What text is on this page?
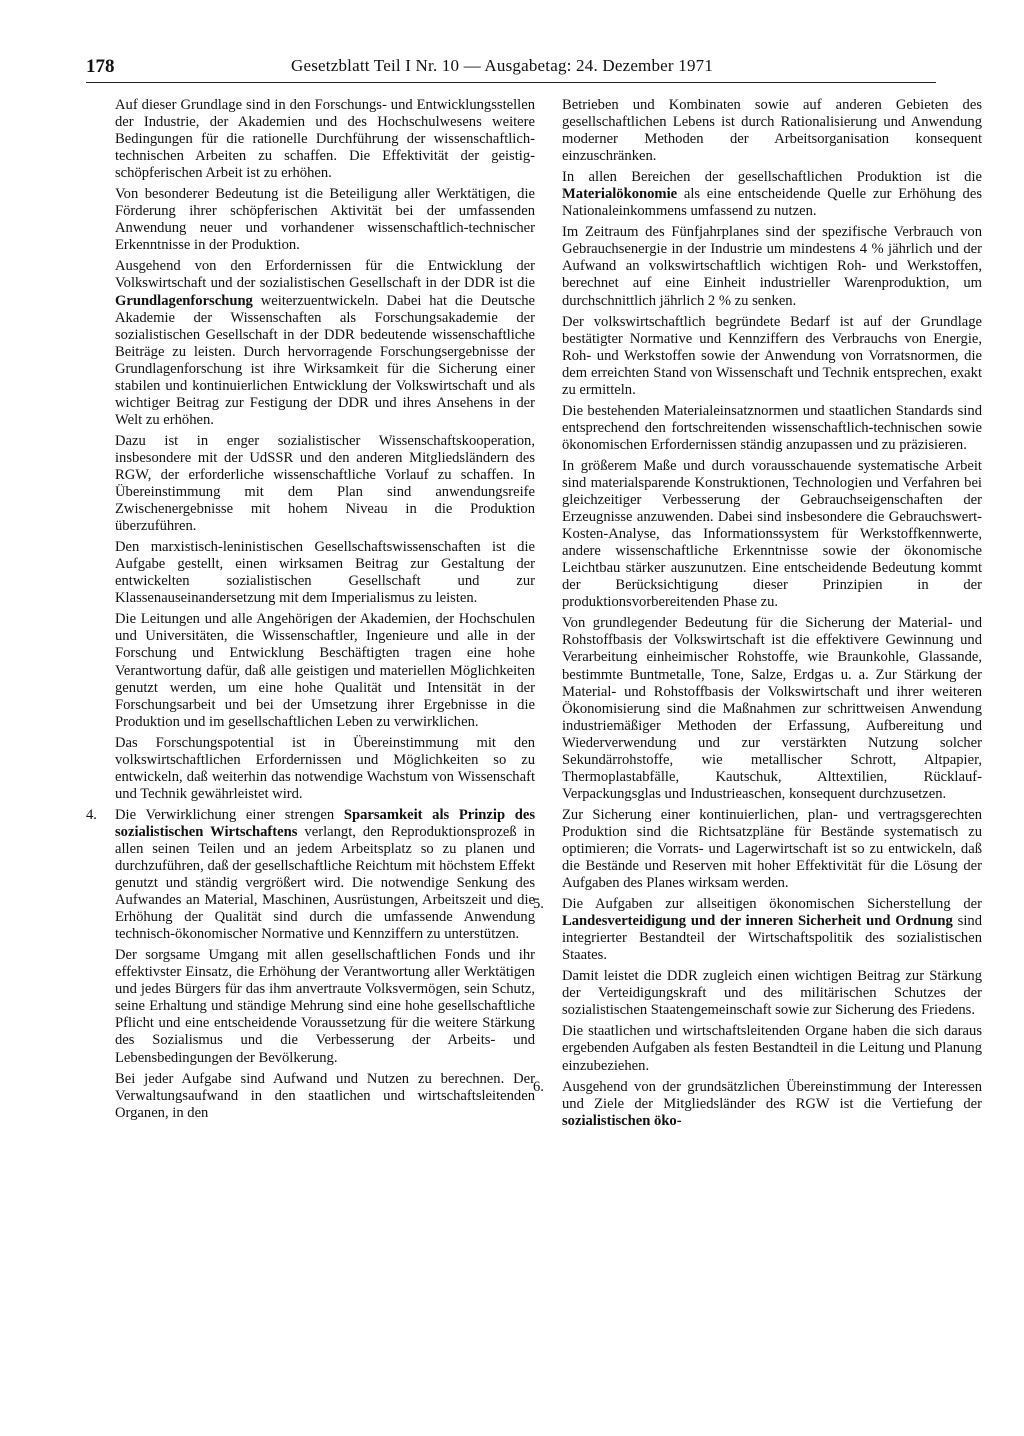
178	Gesetzblatt Teil I Nr. 10 — Ausgabetag: 24. Dezember 1971

Auf dieser Grundlage sind in den Forschungs- und Entwicklungsstellen der Industrie, der Akademien und des Hochschulwesens weitere Bedingungen für die rationelle Durchführung der wissenschaftlich-technischen Arbeiten zu schaffen. Die Effektivität der geistig-schöpferischen Arbeit ist zu erhöhen.

Von besonderer Bedeutung ist die Beteiligung aller Werktätigen, die Förderung ihrer schöpferischen Aktivität bei der umfassenden Anwendung neuer und vorhandener wissenschaftlich-technischer Erkenntnisse in der Produktion.

Ausgehend von den Erfordernissen für die Entwicklung der Volkswirtschaft und der sozialistischen Gesellschaft in der DDR ist die Grundlagenforschung weiterzuentwickeln. Dabei hat die Deutsche Akademie der Wissenschaften als Forschungsakademie der sozialistischen Gesellschaft in der DDR bedeutende wissenschaftliche Beiträge zu leisten. Durch hervorragende Forschungsergebnisse der Grundlagenforschung ist ihre Wirksamkeit für die Sicherung einer stabilen und kontinuierlichen Entwicklung der Volkswirtschaft und als wichtiger Beitrag zur Festigung der DDR und ihres Ansehens in der Welt zu erhöhen.

Dazu ist in enger sozialistischer Wissenschaftskooperation, insbesondere mit der UdSSR und den anderen Mitgliedsländern des RGW, der erforderliche wissenschaftliche Vorlauf zu schaffen. In Übereinstimmung mit dem Plan sind anwendungsreife Zwischenergebnisse mit hohem Niveau in die Produktion überzuführen.

Den marxistisch-leninistischen Gesellschaftswissenschaften ist die Aufgabe gestellt, einen wirksamen Beitrag zur Gestaltung der entwickelten sozialistischen Gesellschaft und zur Klassenauseinandersetzung mit dem Imperialismus zu leisten.

Die Leitungen und alle Angehörigen der Akademien, der Hochschulen und Universitäten, die Wissenschaftler, Ingenieure und alle in der Forschung und Entwicklung Beschäftigten tragen eine hohe Verantwortung dafür, daß alle geistigen und materiellen Möglichkeiten genutzt werden, um eine hohe Qualität und Intensität in der Forschungsarbeit und bei der Umsetzung ihrer Ergebnisse in die Produktion und im gesellschaftlichen Leben zu verwirklichen.

Das Forschungspotential ist in Übereinstimmung mit den volkswirtschaftlichen Erfordernissen und Möglichkeiten so zu entwickeln, daß weiterhin das notwendige Wachstum von Wissenschaft und Technik gewährleistet wird.

4. Die Verwirklichung einer strengen Sparsamkeit als Prinzip des sozialistischen Wirtschaftens verlangt, den Reproduktionsprozeß in allen seinen Teilen und an jedem Arbeitsplatz so zu planen und durchzuführen, daß der gesellschaftliche Reichtum mit höchstem Effekt genutzt und ständig vergrößert wird. Die notwendige Senkung des Aufwandes an Material, Maschinen, Ausrüstungen, Arbeitszeit und die Erhöhung der Qualität sind durch die umfassende Anwendung technisch-ökonomischer Normative und Kennziffern zu unterstützen.

Der sorgsame Umgang mit allen gesellschaftlichen Fonds und ihr effektivster Einsatz, die Erhöhung der Verantwortung aller Werktätigen und jedes Bürgers für das ihm anvertraute Volksvermögen, sein Schutz, seine Erhaltung und ständige Mehrung sind eine hohe gesellschaftliche Pflicht und eine entscheidende Voraussetzung für die weitere Stärkung des Sozialismus und die Verbesserung der Arbeits- und Lebensbedingungen der Bevölkerung.

Bei jeder Aufgabe sind Aufwand und Nutzen zu berechnen. Der Verwaltungsaufwand in den staatlichen und wirtschaftsleitenden Organen, in den

Betrieben und Kombinaten sowie auf anderen Gebieten des gesellschaftlichen Lebens ist durch Rationalisierung und Anwendung moderner Methoden der Arbeitsorganisation konsequent einzuschränken.

In allen Bereichen der gesellschaftlichen Produktion ist die Materialökonomie als eine entscheidende Quelle zur Erhöhung des Nationaleinkommens umfassend zu nutzen.

Im Zeitraum des Fünfjahrplanes sind der spezifische Verbrauch von Gebrauchsenergie in der Industrie um mindestens 4 % jährlich und der Aufwand an volkswirtschaftlich wichtigen Roh- und Werkstoffen, berechnet auf eine Einheit industrieller Warenproduktion, um durchschnittlich jährlich 2 % zu senken.

Der volkswirtschaftlich begründete Bedarf ist auf der Grundlage bestätigter Normative und Kennziffern des Verbrauchs von Energie, Roh- und Werkstoffen sowie der Anwendung von Vorratsnormen, die dem erreichten Stand von Wissenschaft und Technik entsprechen, exakt zu ermitteln.

Die bestehenden Materialeinsatznormen und staatlichen Standards sind entsprechend den fortschreitenden wissenschaftlich-technischen sowie ökonomischen Erfordernissen ständig anzupassen und zu präzisieren.

In größerem Maße und durch vorausschauende systematische Arbeit sind materialsparende Konstruktionen, Technologien und Verfahren bei gleichzeitiger Verbesserung der Gebrauchseigenschaften der Erzeugnisse anzuwenden. Dabei sind insbesondere die Gebrauchswert-Kosten-Analyse, das Informationssystem für Werkstoffkennwerte, andere wissenschaftliche Erkenntnisse sowie der ökonomische Leichtbau stärker auszunutzen. Eine entscheidende Bedeutung kommt der Berücksichtigung dieser Prinzipien in der produktionsvorbereitenden Phase zu.

Von grundlegender Bedeutung für die Sicherung der Material- und Rohstoffbasis der Volkswirtschaft ist die effektivere Gewinnung und Verarbeitung einheimischer Rohstoffe, wie Braunkohle, Glassande, bestimmte Buntmetalle, Tone, Salze, Erdgas u. a. Zur Stärkung der Material- und Rohstoffbasis der Volkswirtschaft und ihrer weiteren Ökonomisierung sind die Maßnahmen zur schrittweisen Anwendung industriemäßiger Methoden der Erfassung, Aufbereitung und Wiederverwendung und zur verstärkten Nutzung solcher Sekundärrohstoffe, wie metallischer Schrott, Altpapier, Thermoplastabfälle, Kautschuk, Alttextilien, Rücklauf-Verpackungsglas und Industrieaschen, konsequent durchzusetzen.

Zur Sicherung einer kontinuierlichen, plan- und vertragsgerechten Produktion sind die Richtsatzpläne für Bestände systematisch zu optimieren; die Vorrats- und Lagerwirtschaft ist so zu entwickeln, daß die Bestände und Reserven mit hoher Effektivität für die Lösung der Aufgaben des Planes wirksam werden.

5. Die Aufgaben zur allseitigen ökonomischen Sicherstellung der Landesverteidigung und der inneren Sicherheit und Ordnung sind integrierter Bestandteil der Wirtschaftspolitik des sozialistischen Staates.

Damit leistet die DDR zugleich einen wichtigen Beitrag zur Stärkung der Verteidigungskraft und des militärischen Schutzes der sozialistischen Staatengemeinschaft sowie zur Sicherung des Friedens.

Die staatlichen und wirtschaftsleitenden Organe haben die sich daraus ergebenden Aufgaben als festen Bestandteil in die Leitung und Planung einzubeziehen.

6. Ausgehend von der grundsätzlichen Übereinstimmung der Interessen und Ziele der Mitgliedsländer des RGW ist die Vertiefung der sozialistischen öko-
